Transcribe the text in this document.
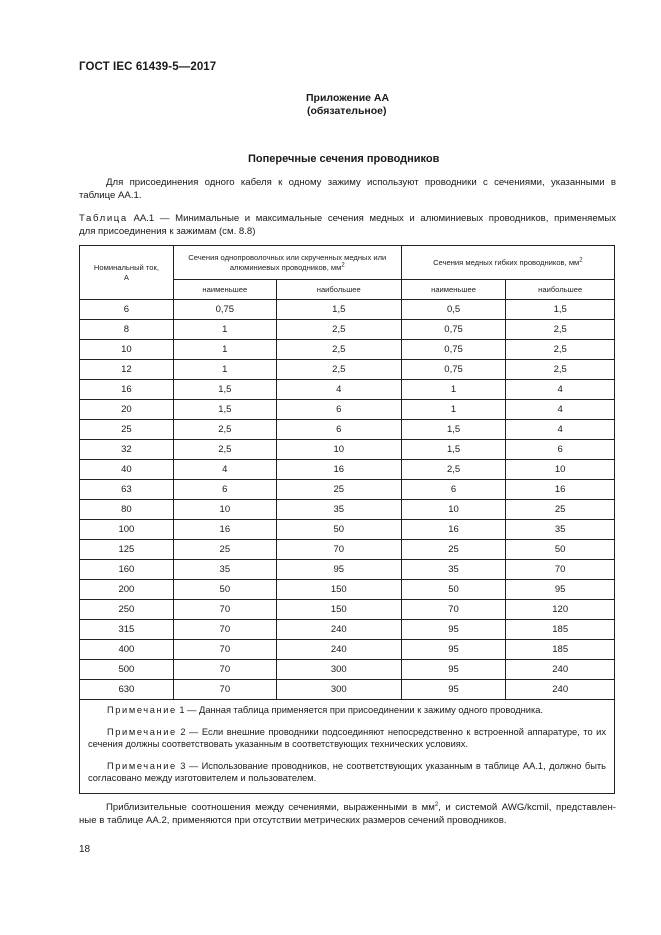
ГОСТ IEC 61439-5—2017
Приложение АА
(обязательное)
Поперечные сечения проводников
Для присоединения одного кабеля к одному зажиму используют проводники с сечениями, указанными в
таблице АА.1.
Таблица АА.1 — Минимальные и максимальные сечения медных и алюминиевых проводников, применяемых
для присоединения к зажимам (см. 8.8)
Номинальный ток, А	Сечения однопроволочных или скрученных медных или алюминиевых проводников, $мм^2$		Сечения медных гибких проводников, $мм^2$
	наименьшее	наибольшее	наименьшее	наибольшее
6	0,75	1,5	0,5	1,5
8	1	2,5	0,75	2,5
10	1	2,5	0,75	2,5
12	1	2,5	0,75	2,5
16	1,5	4	1	4
20	1,5	6	1	4
25	2,5	6	1,5	4
32	2,5	10	1,5	6
40	4	16	2,5	10
63	6	25	6	16
80	10	35	10	25
100	16	50	16	35
125	25	70	25	50
160	35	95	35	70
200	50	150	50	95
250	70	150	70	120
315	70	240	95	185
400	70	240	95	185
500	70	300	95	240
630	70	300	95	240

Примечание 1 — Данная таблица применяется при присоединении к зажиму одного проводника.
Примечание 2 — Если внешние проводники подсоединяют непосредственно к встроенной аппаратуре, то их сечения должны соответствовать указанным в соответствующих технических условиях.
Примечание 3 — Использование проводников, не соответствующих указанным в таблице АА.1, должно быть согласовано между изготовителем и пользователем.				
Приблизительные соотношения между сечениями, выраженными в $мм^2$, и системой AWG/kcmil, представлен-
ные в таблице АА.2, применяются при отсутствии метрических размеров сечений проводников.
18
